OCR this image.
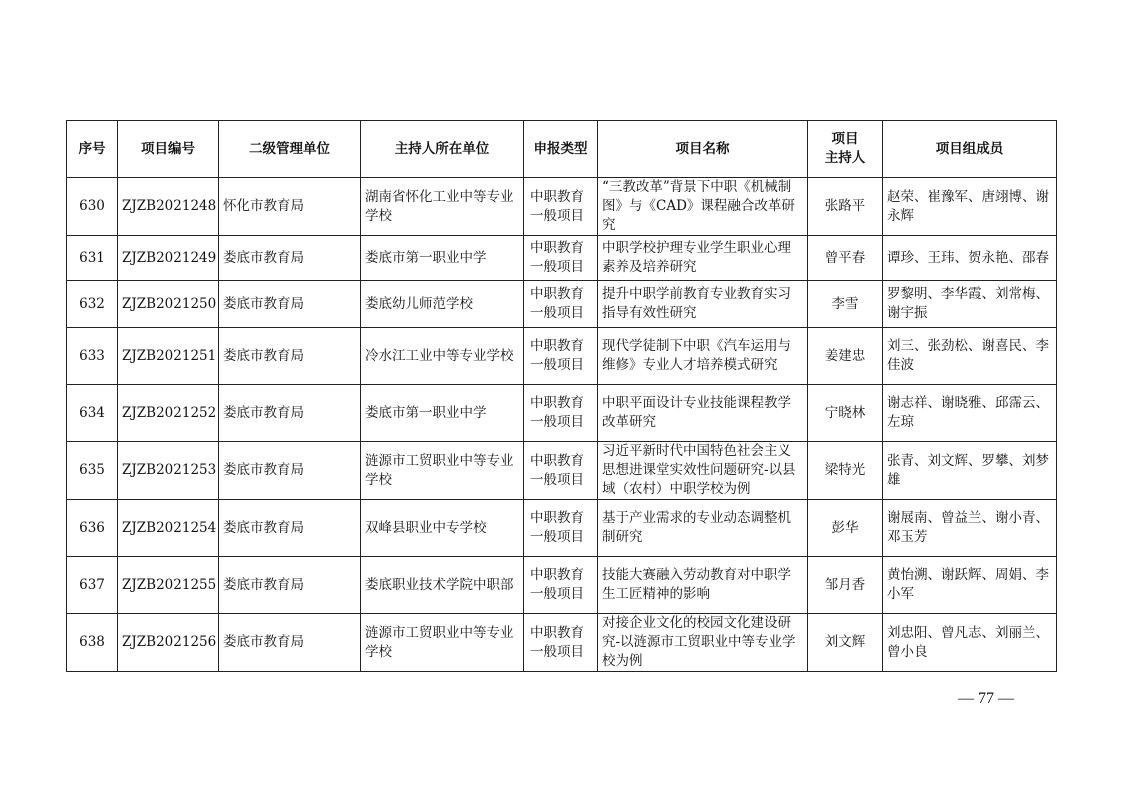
序号	项目编号	二级管理单位	主持人所在单位	申报类型	项目名称	项目
主持人	项目组成员
630	ZJZB2021248	怀化市教育局	湖南省怀化工业中等专业学校	中职教育一般项目	“三教改革”背景下中职《机械制图》与《CAD》课程融合改革研究	张路平	赵荣、崔豫军、唐翊博、谢永辉
631	ZJZB2021249	娄底市教育局	娄底市第一职业中学	中职教育一般项目	中职学校护理专业学生职业心理素养及培养研究	曾平春	谭珍、王玮、贺永艳、邵春
632	ZJZB2021250	娄底市教育局	娄底幼儿师范学校	中职教育一般项目	提升中职学前教育专业教育实习指导有效性研究	李雪	罗黎明、李华霞、刘常梅、谢宇振
633	ZJZB2021251	娄底市教育局	冷水江工业中等专业学校	中职教育一般项目	现代学徒制下中职《汽车运用与维修》专业人才培养模式研究	姜建忠	刘三、张劲松、谢喜民、李佳波
634	ZJZB2021252	娄底市教育局	娄底市第一职业中学	中职教育一般项目	中职平面设计专业技能课程教学改革研究	宁晓林	谢志祥、谢晓雅、邱霈云、左琼
635	ZJZB2021253	娄底市教育局	涟源市工贸职业中等专业学校	中职教育一般项目	习近平新时代中国特色社会主义思想进课堂实效性问题研究-以县域（农村）中职学校为例	梁特光	张青、刘文辉、罗攀、刘梦雄
636	ZJZB2021254	娄底市教育局	双峰县职业中专学校	中职教育一般项目	基于产业需求的专业动态调整机制研究	彭华	谢展南、曾益兰、谢小青、邓玉芳
637	ZJZB2021255	娄底市教育局	娄底职业技术学院中职部	中职教育一般项目	技能大赛融入劳动教育对中职学生工匠精神的影响	邹月香	黄怡溯、谢跃辉、周娟、李小军
638	ZJZB2021256	娄底市教育局	涟源市工贸职业中等专业学校	中职教育一般项目	对接企业文化的校园文化建设研究-以涟源市工贸职业中等专业学校为例	刘文辉	刘忠阳、曾凡志、刘丽兰、曾小良
— 77 —
